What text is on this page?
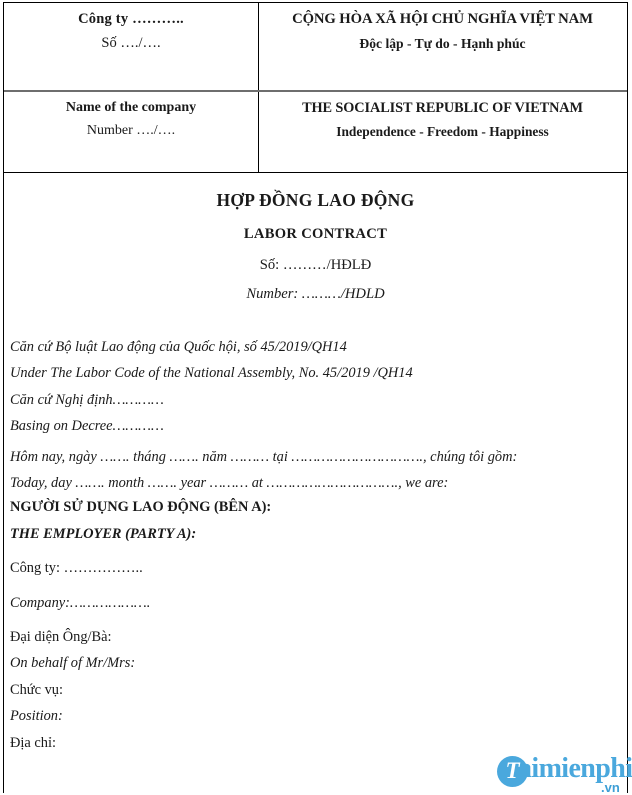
Công ty ………..
Số …./….
CỘNG HÒA XÃ HỘI CHỦ NGHĨA VIỆT NAM
Độc lập - Tự do - Hạnh phúc
Name of the company
Number …./….
THE SOCIALIST REPUBLIC OF VIETNAM
Independence - Freedom - Happiness
HỢP ĐỒNG LAO ĐỘNG
LABOR CONTRACT
Số: ………/HĐLĐ
Number: ………/HDLD
Căn cứ Bộ luật Lao động của Quốc hội, số 45/2019/QH14
Under The Labor Code of the National Assembly, No. 45/2019 /QH14
Căn cứ Nghị định…………
Basing on Decree…………
Hôm nay, ngày ……. tháng ……. năm ……… tại …………………………., chúng tôi gồm:
Today, day ……. month ……. year ……… at …………………………., we are:
NGƯỜI SỬ DỤNG LAO ĐỘNG (BÊN A):
THE EMPLOYER (PARTY A):
Công ty: ……………..
Company:……………….
Đại diện Ông/Bà:
On behalf of Mr/Mrs:
Chức vụ:
Position:
Địa chỉ:
T
aimienphi
.vn
